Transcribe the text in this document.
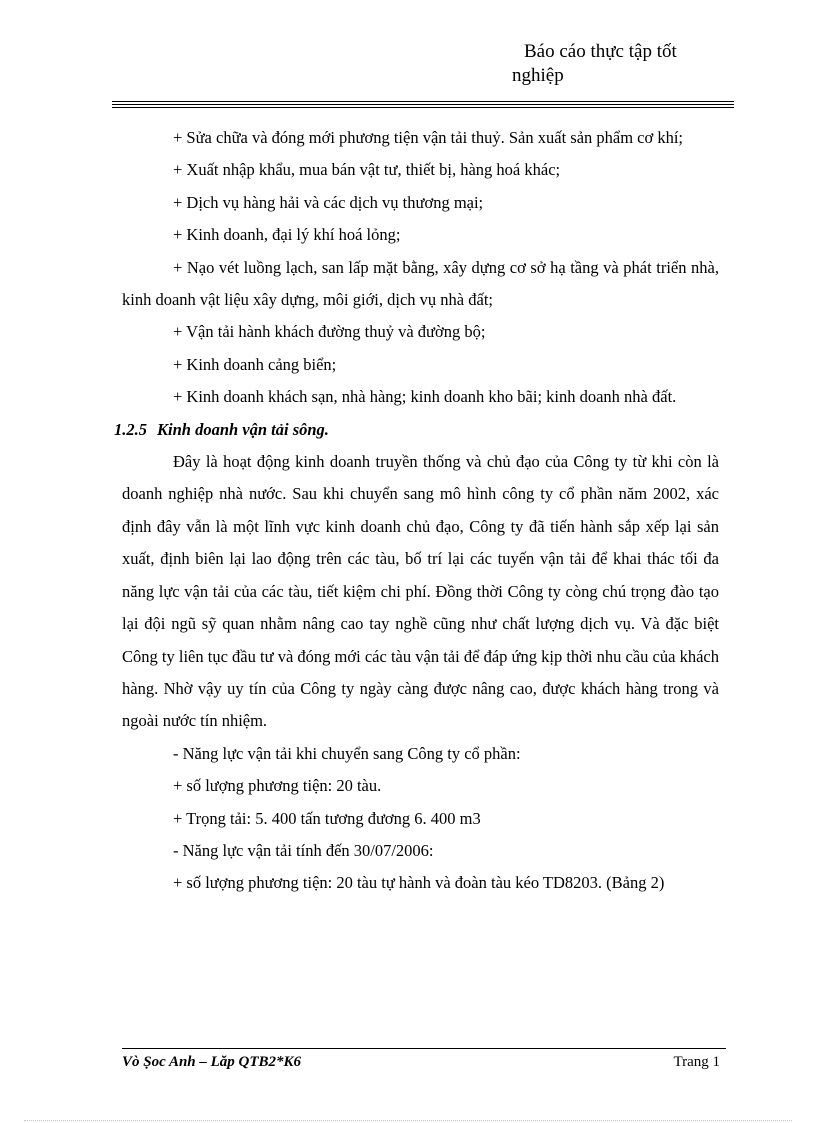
Báo cáo thực tập tốt
nghiệp

+ Sửa chữa và đóng mới phương tiện vận tải thuỷ. Sản xuất sản phẩm cơ khí;

+ Xuất nhập khẩu, mua bán vật tư, thiết bị, hàng hoá khác;

+ Dịch vụ hàng hải và các dịch vụ thương mại;

+ Kinh doanh, đại lý khí hoá lỏng;

+ Nạo vét luồng lạch, san lấp mặt bằng, xây dựng cơ sở hạ tầng và phát triển nhà, kinh doanh vật liệu xây dựng, môi giới, dịch vụ nhà đất;

+ Vận tải hành khách đường thuỷ và đường bộ;

+ Kinh doanh cảng biển;

+ Kinh doanh khách sạn, nhà hàng; kinh doanh kho bãi; kinh doanh nhà đất.

1.2.5 Kinh doanh vận tải sông.

Đây là hoạt động kinh doanh truyền thống và chủ đạo của Công ty từ khi còn là doanh nghiệp nhà nước. Sau khi chuyển sang mô hình công ty cổ phần năm 2002, xác định đây vẫn là một lĩnh vực kinh doanh chủ đạo, Công ty đã tiến hành sắp xếp lại sản xuất, định biên lại lao động trên các tàu, bố trí lại các tuyến vận tải để khai thác tối đa năng lực vận tải của các tàu, tiết kiệm chi phí. Đồng thời Công ty còng chú trọng đào tạo lại đội ngũ sỹ quan nhằm nâng cao tay nghề cũng như chất lượng dịch vụ. Và đặc biệt Công ty liên tục đầu tư và đóng mới các tàu vận tải để đáp ứng kịp thời nhu cầu của khách hàng. Nhờ vậy uy tín của Công ty ngày càng được nâng cao, được khách hàng trong và ngoài nước tín nhiệm.

- Năng lực vận tải khi chuyển sang Công ty cổ phần:

+ số lượng phương tiện: 20 tàu.

+ Trọng tải: 5. 400 tấn tương đương 6. 400 m3

- Năng lực vận tải tính đến 30/07/2006:

+ số lượng phương tiện: 20 tàu tự hành và đoàn tàu kéo TD8203. (Bảng 2)

Vò Ṣoc Anh – Lăp QTB2*K6	Trang 1
